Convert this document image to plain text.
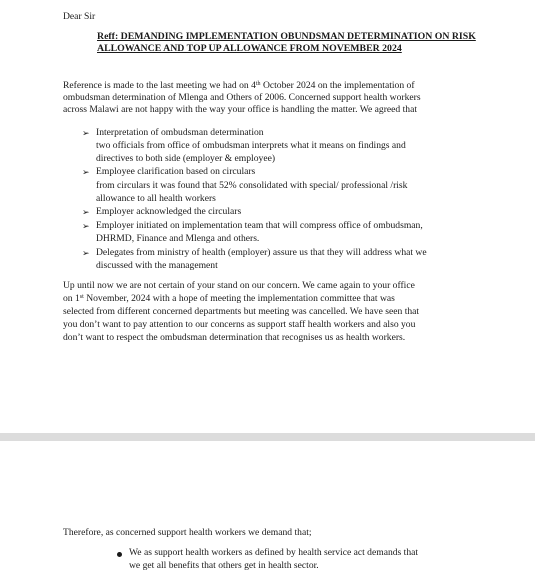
Dear Sir
Reff: DEMANDING IMPLEMENTATION OBUNDSMAN DETERMINATION ON RISK ALLOWANCE AND TOP UP ALLOWANCE FROM NOVEMBER 2024
Reference is made to the last meeting we had on 4th October 2024 on the implementation of
ombudsman determination of Mlenga and Others of 2006. Concerned support health workers
across Malawi are not happy with the way your office is handling the matter. We agreed that
➢ Interpretation of ombudsman determination
two officials from office of ombudsman interprets what it means on findings and
directives to both side (employer & employee)
➢ Employee clarification based on circulars
from circulars it was found that 52% consolidated with special/ professional /risk
allowance to all health workers
➢ Employer acknowledged the circulars
➢ Employer initiated on implementation team that will compress office of ombudsman,
DHRMD, Finance and Mlenga and others.
➢ Delegates from ministry of health (employer) assure us that they will address what we
discussed with the management
Up until now we are not certain of your stand on our concern. We came again to your office
on 1st November, 2024 with a hope of meeting the implementation committee that was
selected from different concerned departments but meeting was cancelled. We have seen that
you don’t want to pay attention to our concerns as support staff health workers and also you
don’t want to respect the ombudsman determination that recognises us as health workers.
Therefore, as concerned support health workers we demand that;
We as support health workers as defined by health service act demands that
we get all benefits that others get in health sector.
